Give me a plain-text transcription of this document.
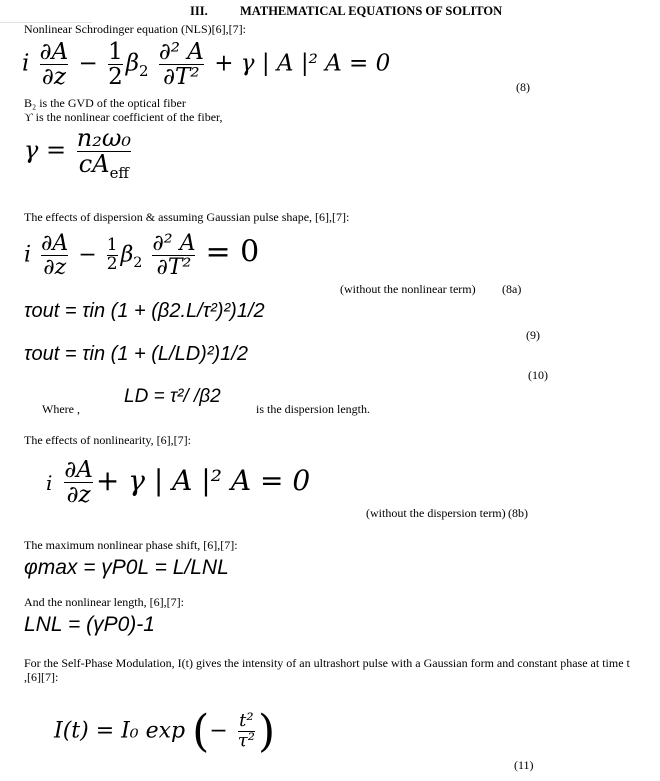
III.	MATHEMATICAL EQUATIONS OF SOLITON
Nonlinear Schrodinger equation (NLS)[6],[7]:
i $\frac{\partial A}{\partial z} - \frac{1}{2} \beta_2 \frac{\text{∂² A}}{\text{∂T²}} + \gamma$ | A |² A = 0
(8)
B₂ is the GVD of the optical fiber
ϒ is the nonlinear coefficient of the fiber,
$\gamma = \frac{\text{n₂ω₀}}{cA_{eff}}$
The effects of dispersion & assuming Gaussian pulse shape, [6],[7]:
i $\frac{\partial A}{\partial z} - \frac{1}{2} \beta_2 \frac{\text{∂² A}}{\text{∂T²}} = 0$
(without the nonlinear term) (8a)
τout = τin (1 + (β2.L/τ²)²)1/2
(9)
τout = τin (1 + (L/LD)²)1/2
(10)
Where ,
LD = τ²/ /β2
is the dispersion length.
The effects of nonlinearity, [6],[7]:
i $\frac{\partial A}{\partial z} + \gamma$ | A |² A = 0
(without the dispersion term) (8b)
The maximum nonlinear phase shift, [6],[7]:
φmax = γP0L = L/LNL
And the nonlinear length, [6],[7]:
LNL = (γP0)-1
For the Self-Phase Modulation, I(t) gives the intensity of an ultrashort pulse with a Gaussian form and constant phase at time t
,[6][7]:
I(t) = I₀ exp (− $\frac{\text{t²}}{\text{τ²}}$ )
(11)
